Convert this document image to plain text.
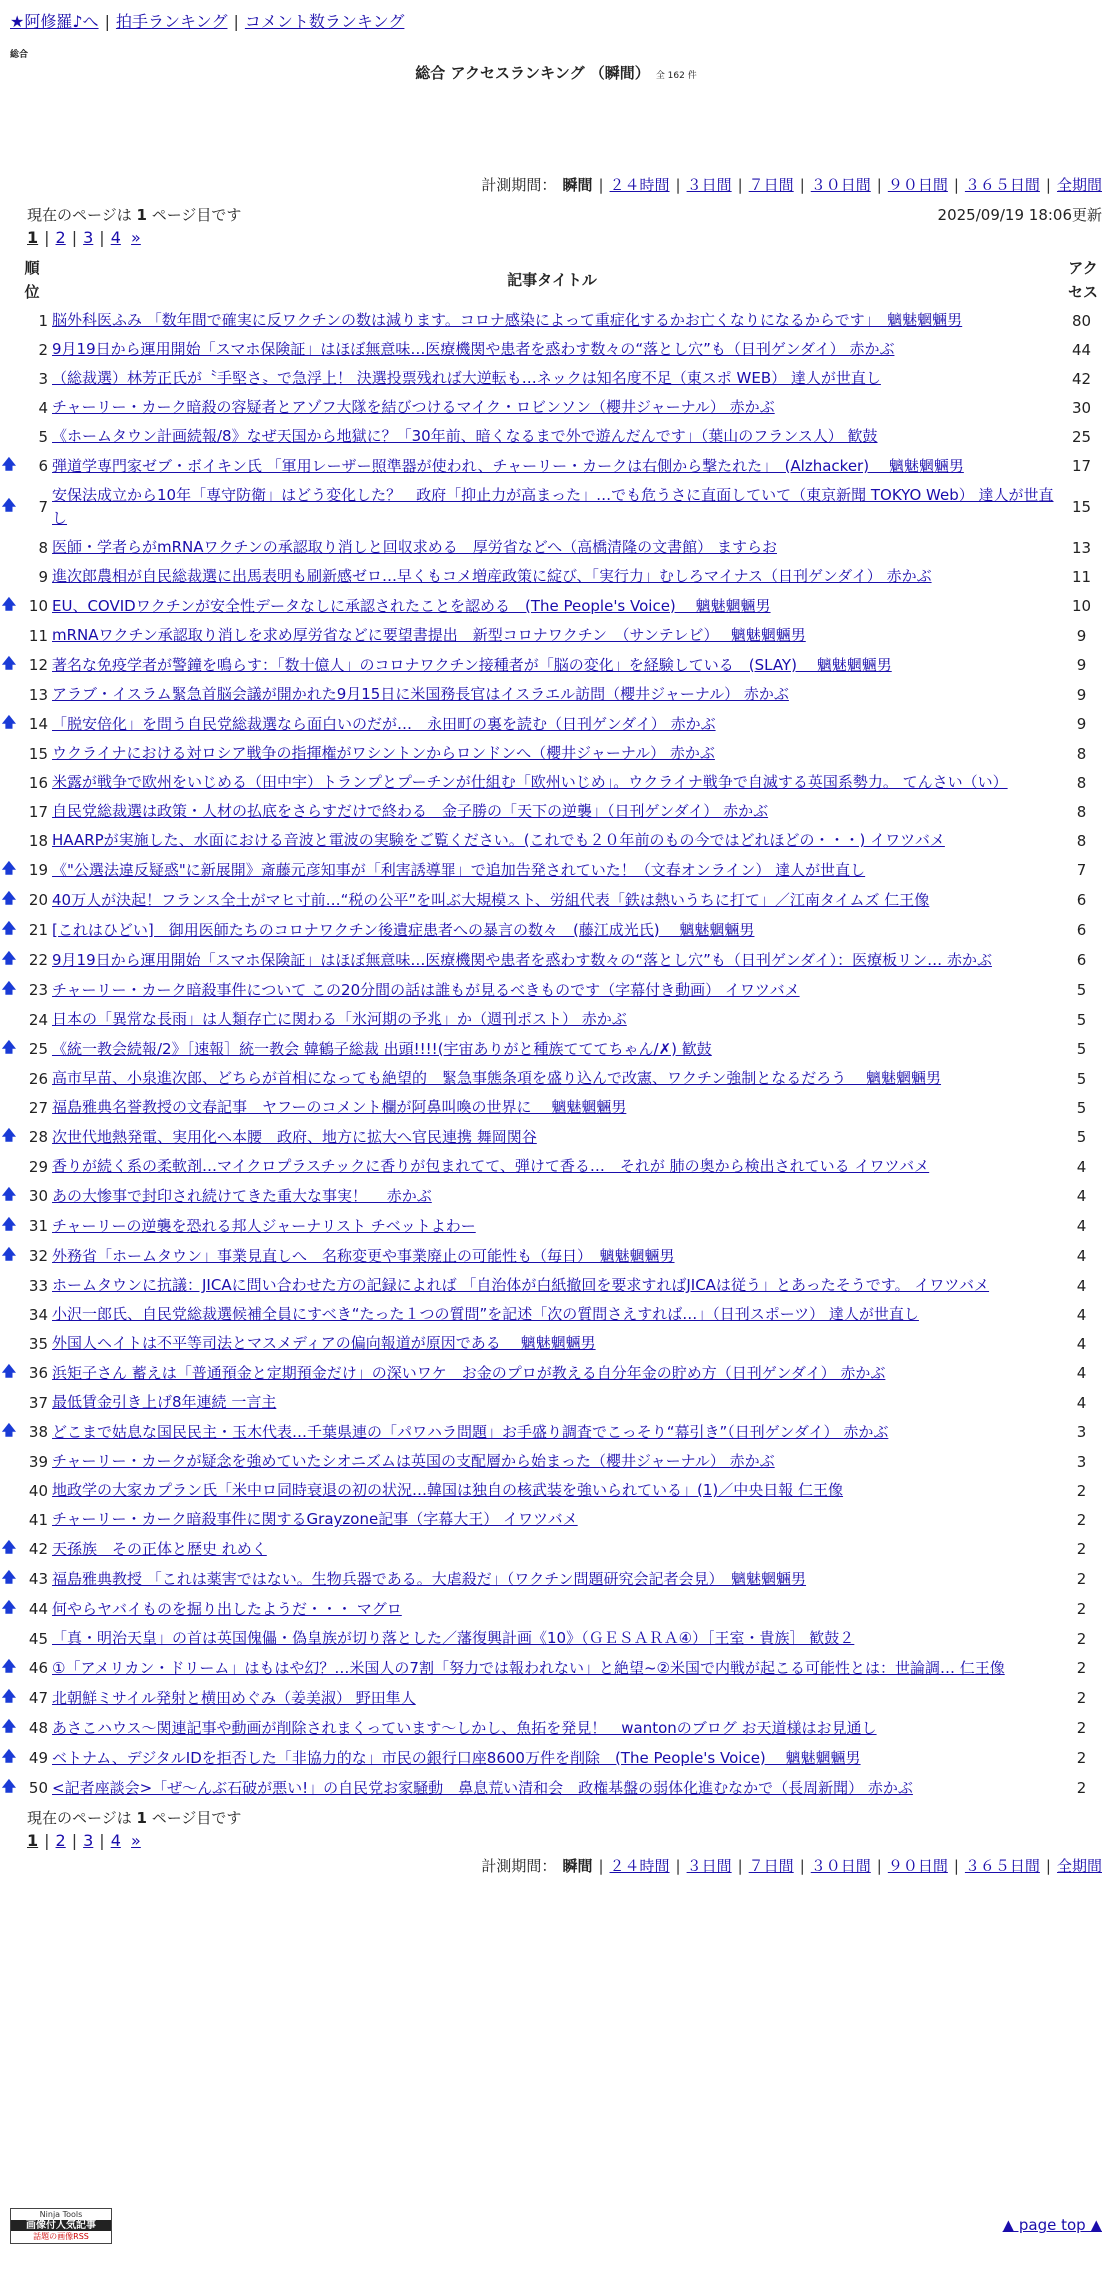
★阿修羅♪へ | 拍手ランキング | コメント数ランキング
総合
総合 アクセスランキング （瞬間） 全 162 件
計測期間： 瞬間 | ２４時間 | ３日間 | ７日間 | ３０日間 | ９０日間 | ３６５日間 | 全期間
現在のページは 1 ページ目です	2025/09/19 18:06更新
1 | 2 | 3 | 4 »
順位
記事タイトル
アクセス
1 脳外科医ふみ 「数年間で確実に反ワクチンの数は減ります。コロナ感染によって重症化するかお亡くなりになるからです」　魑魅魍魎男	80
2 9月19日から運用開始「スマホ保険証」はほぼ無意味…医療機関や患者を惑わす数々の“落とし穴”も（日刊ゲンダイ） 赤かぶ	44
3 （総裁選）林芳正氏が〝手堅さ〟で急浮上！ 決選投票残れば大逆転も…ネックは知名度不足（東スポ WEB） 達人が世直し	42
4 チャーリー・カーク暗殺の容疑者とアゾフ大隊を結びつけるマイク・ロビンソン（櫻井ジャーナル） 赤かぶ	30
5 《ホームタウン計画続報/8》なぜ天国から地獄に？「30年前、暗くなるまで外で遊んだんです」（葉山のフランス人） 歓鼓	25
🡅	6 弾道学専門家ゼブ・ボイキン氏 「軍用レーザー照準器が使われ、チャーリー・カークは右側から撃たれた」　(Alzhacker)　 魑魅魍魎男	17
🡅	7
安保法成立から10年「専守防衛」はどう変化した？　政府「抑止力が高まった」…でも危うさに直面していて（東京新聞 TOKYO Web） 達人が世直し
15
8 医師・学者らがmRNAワクチンの承認取り消しと回収求める　厚労省などへ（高橋清隆の文書館） ますらお	13
9 進次郎農相が自民総裁選に出馬表明も刷新感ゼロ…早くもコメ増産政策に綻び、「実行力」むしろマイナス（日刊ゲンダイ） 赤かぶ	11
🡅 10 EU、COVIDワクチンが安全性データなしに承認されたことを認める　(The People's Voice)　 魑魅魍魎男	10
11 mRNAワクチン承認取り消しを求め厚労省などに要望書提出　新型コロナワクチン　（サンテレビ）　 魑魅魍魎男	9
🡅 12 著名な免疫学者が警鐘を鳴らす：「数十億人」のコロナワクチン接種者が「脳の変化」を経験している　(SLAY)　 魑魅魍魎男	9
13 アラブ・イスラム緊急首脳会議が開かれた9月15日に米国務長官はイスラエル訪問（櫻井ジャーナル） 赤かぶ	9
🡅 14 「脱安倍化」を問う自民党総裁選なら面白いのだが…　永田町の裏を読む（日刊ゲンダイ） 赤かぶ	9
15 ウクライナにおける対ロシア戦争の指揮権がワシントンからロンドンへ（櫻井ジャーナル） 赤かぶ	8
16 米露が戦争で欧州をいじめる（田中宇）トランプとプーチンが仕組む「欧州いじめ」。ウクライナ戦争で自滅する英国系勢力。 てんさい（い）	8
17 自民党総裁選は政策・人材の払底をさらすだけで終わる　金子勝の「天下の逆襲」（日刊ゲンダイ） 赤かぶ	8
18 HAARPが実施した、水面における音波と電波の実験をご覧ください。(これでも２０年前のもの今ではどれほどの・・・) イワツバメ	8
🡅 19 《"公選法違反疑惑"に新展開》斎藤元彦知事が「利害誘導罪」で追加告発されていた！（文春オンライン） 達人が世直し	7
🡅 20 40万人が決起！フランス全土がマヒ寸前…“税の公平”を叫ぶ大規模スト、労組代表「鉄は熱いうちに打て」／江南タイムズ 仁王像	6
🡅 21 [これはひどい]　御用医師たちのコロナワクチン後遺症患者への暴言の数々　(藤江成光氏)　 魑魅魍魎男	6
🡅 22 9月19日から運用開始「スマホ保険証」はほぼ無意味…医療機関や患者を惑わす数々の“落とし穴”も（日刊ゲンダイ）：医療板リン… 赤かぶ	6
🡅 23 チャーリー・カーク暗殺事件について この20分間の話は誰もが見るべきものです（字幕付き動画） イワツバメ	5
24 日本の「異常な長雨」は人類存亡に関わる「氷河期の予兆」か（週刊ポスト） 赤かぶ	5
🡅 25 《統一教会続報/2》［速報］統一教会 韓鶴子総裁 出頭!!!!(宇宙ありがと種族てててちゃん/✗) 歓鼓	5
26 高市早苗、小泉進次郎、どちらが首相になっても絶望的　緊急事態条項を盛り込んで改憲、ワクチン強制となるだろう　 魑魅魍魎男	5
27 福島雅典名誉教授の文春記事　ヤフーのコメント欄が阿鼻叫喚の世界に　 魑魅魍魎男	5
🡅 28 次世代地熱発電、実用化へ本腰　政府、地方に拡大へ官民連携 舞岡関谷	5
29 香りが続く系の柔軟剤…マイクロプラスチックに香りが包まれてて、弾けて香る…　それが 肺の奥から検出されている イワツバメ	4
🡅 30 あの大惨事で封印され続けてきた重大な事実！　 赤かぶ	4
🡅 31 チャーリーの逆襲を恐れる邦人ジャーナリスト チベットよわー	4
🡅 32 外務省「ホームタウン」事業見直しへ　名称変更や事業廃止の可能性も（毎日）　魑魅魍魎男	4
33 ホームタウンに抗議：JICAに問い合わせた方の記録によれば 「自治体が白紙撤回を要求すればJICAは従う」とあったそうです。 イワツバメ	4
34 小沢一郎氏、自民党総裁選候補全員にすべき“たった１つの質問”を記述「次の質問さえすれば…」（日刊スポーツ） 達人が世直し	4
35 外国人ヘイトは不平等司法とマスメディアの偏向報道が原因である　 魑魅魍魎男	4
🡅 36 浜矩子さん 蓄えは「普通預金と定期預金だけ」の深いワケ　お金のプロが教える自分年金の貯め方（日刊ゲンダイ） 赤かぶ	4
37 最低賃金引き上げ8年連続 一言主	4
🡅 38 どこまで姑息な国民民主・玉木代表…千葉県連の「パワハラ問題」お手盛り調査でこっそり“幕引き”（日刊ゲンダイ） 赤かぶ	3
39 チャーリー・カークが疑念を強めていたシオニズムは英国の支配層から始まった（櫻井ジャーナル） 赤かぶ	3
40 地政学の大家カプラン氏「米中ロ同時衰退の初の状況…韓国は独自の核武装を強いられている」(1)／中央日報 仁王像	2
41 チャーリー・カーク暗殺事件に関するGrayzone記事（字幕大王） イワツバメ	2
🡅 42 天孫族　その正体と歴史 れめく	2
🡅 43 福島雅典教授 「これは薬害ではない。生物兵器である。大虐殺だ」（ワクチン問題研究会記者会見）　魑魅魍魎男	2
🡅 44 何やらヤバイものを掘り出したようだ・・・ マグロ	2
45 「真・明治天皇」の首は英国傀儡・偽皇族が切り落とした／藩復興計画《10》（ＧＥＳＡＲＡ④）［王室・貴族］ 歓鼓２	2
🡅 46 ①「アメリカン・ドリーム」はもはや幻？…米国人の7割「努力では報われない」と絶望~②米国で内戦が起こる可能性とは：世論調… 仁王像	2
🡅 47 北朝鮮ミサイル発射と横田めぐみ（姜美淑） 野田隼人	2
🡅 48 あさこハウス～関連記事や動画が削除されまくっています～しかし、魚拓を発見！　wantonのブログ お天道様はお見通し	2
🡅 49 ベトナム、デジタルIDを拒否した「非協力的な」市民の銀行口座8600万件を削除　(The People's Voice)　 魑魅魍魎男	2
🡅 50 <記者座談会>「ぜ～んぶ石破が悪い!」の自民党お家騒動　鼻息荒い清和会　政権基盤の弱体化進むなかで（長周新聞） 赤かぶ	2
現在のページは 1 ページ目です
1 | 2 | 3 | 4 »
計測期間： 瞬間 | ２４時間 | ３日間 | ７日間 | ３０日間 | ９０日間 | ３６５日間 | 全期間
Ninja Tools
画像付人気記事
話題の画像RSS
▲ page top ▲
